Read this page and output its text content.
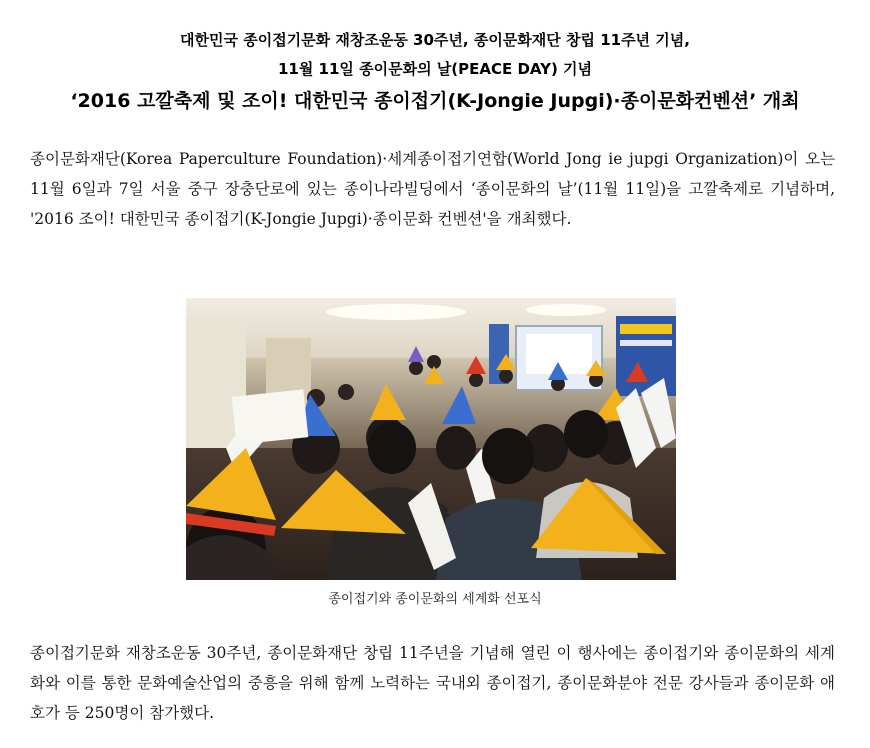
대한민국 종이접기문화 재창조운동 30주년, 종이문화재단 창립 11주년 기념,
11월 11일 종이문화의 날(PEACE DAY) 기념
‘2016 고깔축제 및 조이! 대한민국 종이접기(K-Jongie Jupgi)·종이문화컨벤션’ 개최
종이문화재단(Korea Paperculture Foundation)·세계종이접기연합(World Jong ie jupgi Organization)이 오는 11월 6일과 7일 서울 중구 장충단로에 있는 종이나라빌딩에서 ‘종이문화의 날’(11월 11일)을 고깔축제로 기념하며, '2016 조이! 대한민국 종이접기(K-Jongie Jupgi)·종이문화 컨벤션'을 개최했다.
종이접기와 종이문화의 세계화 선포식
종이접기문화 재창조운동 30주년, 종이문화재단 창립 11주년을 기념해 열린 이 행사에는 종이접기와 종이문화의 세계화와 이를 통한 문화예술산업의 중흥을 위해 함께 노력하는 국내외 종이접기, 종이문화분야 전문 강사들과 종이문화 애호가 등 250명이 참가했다.
